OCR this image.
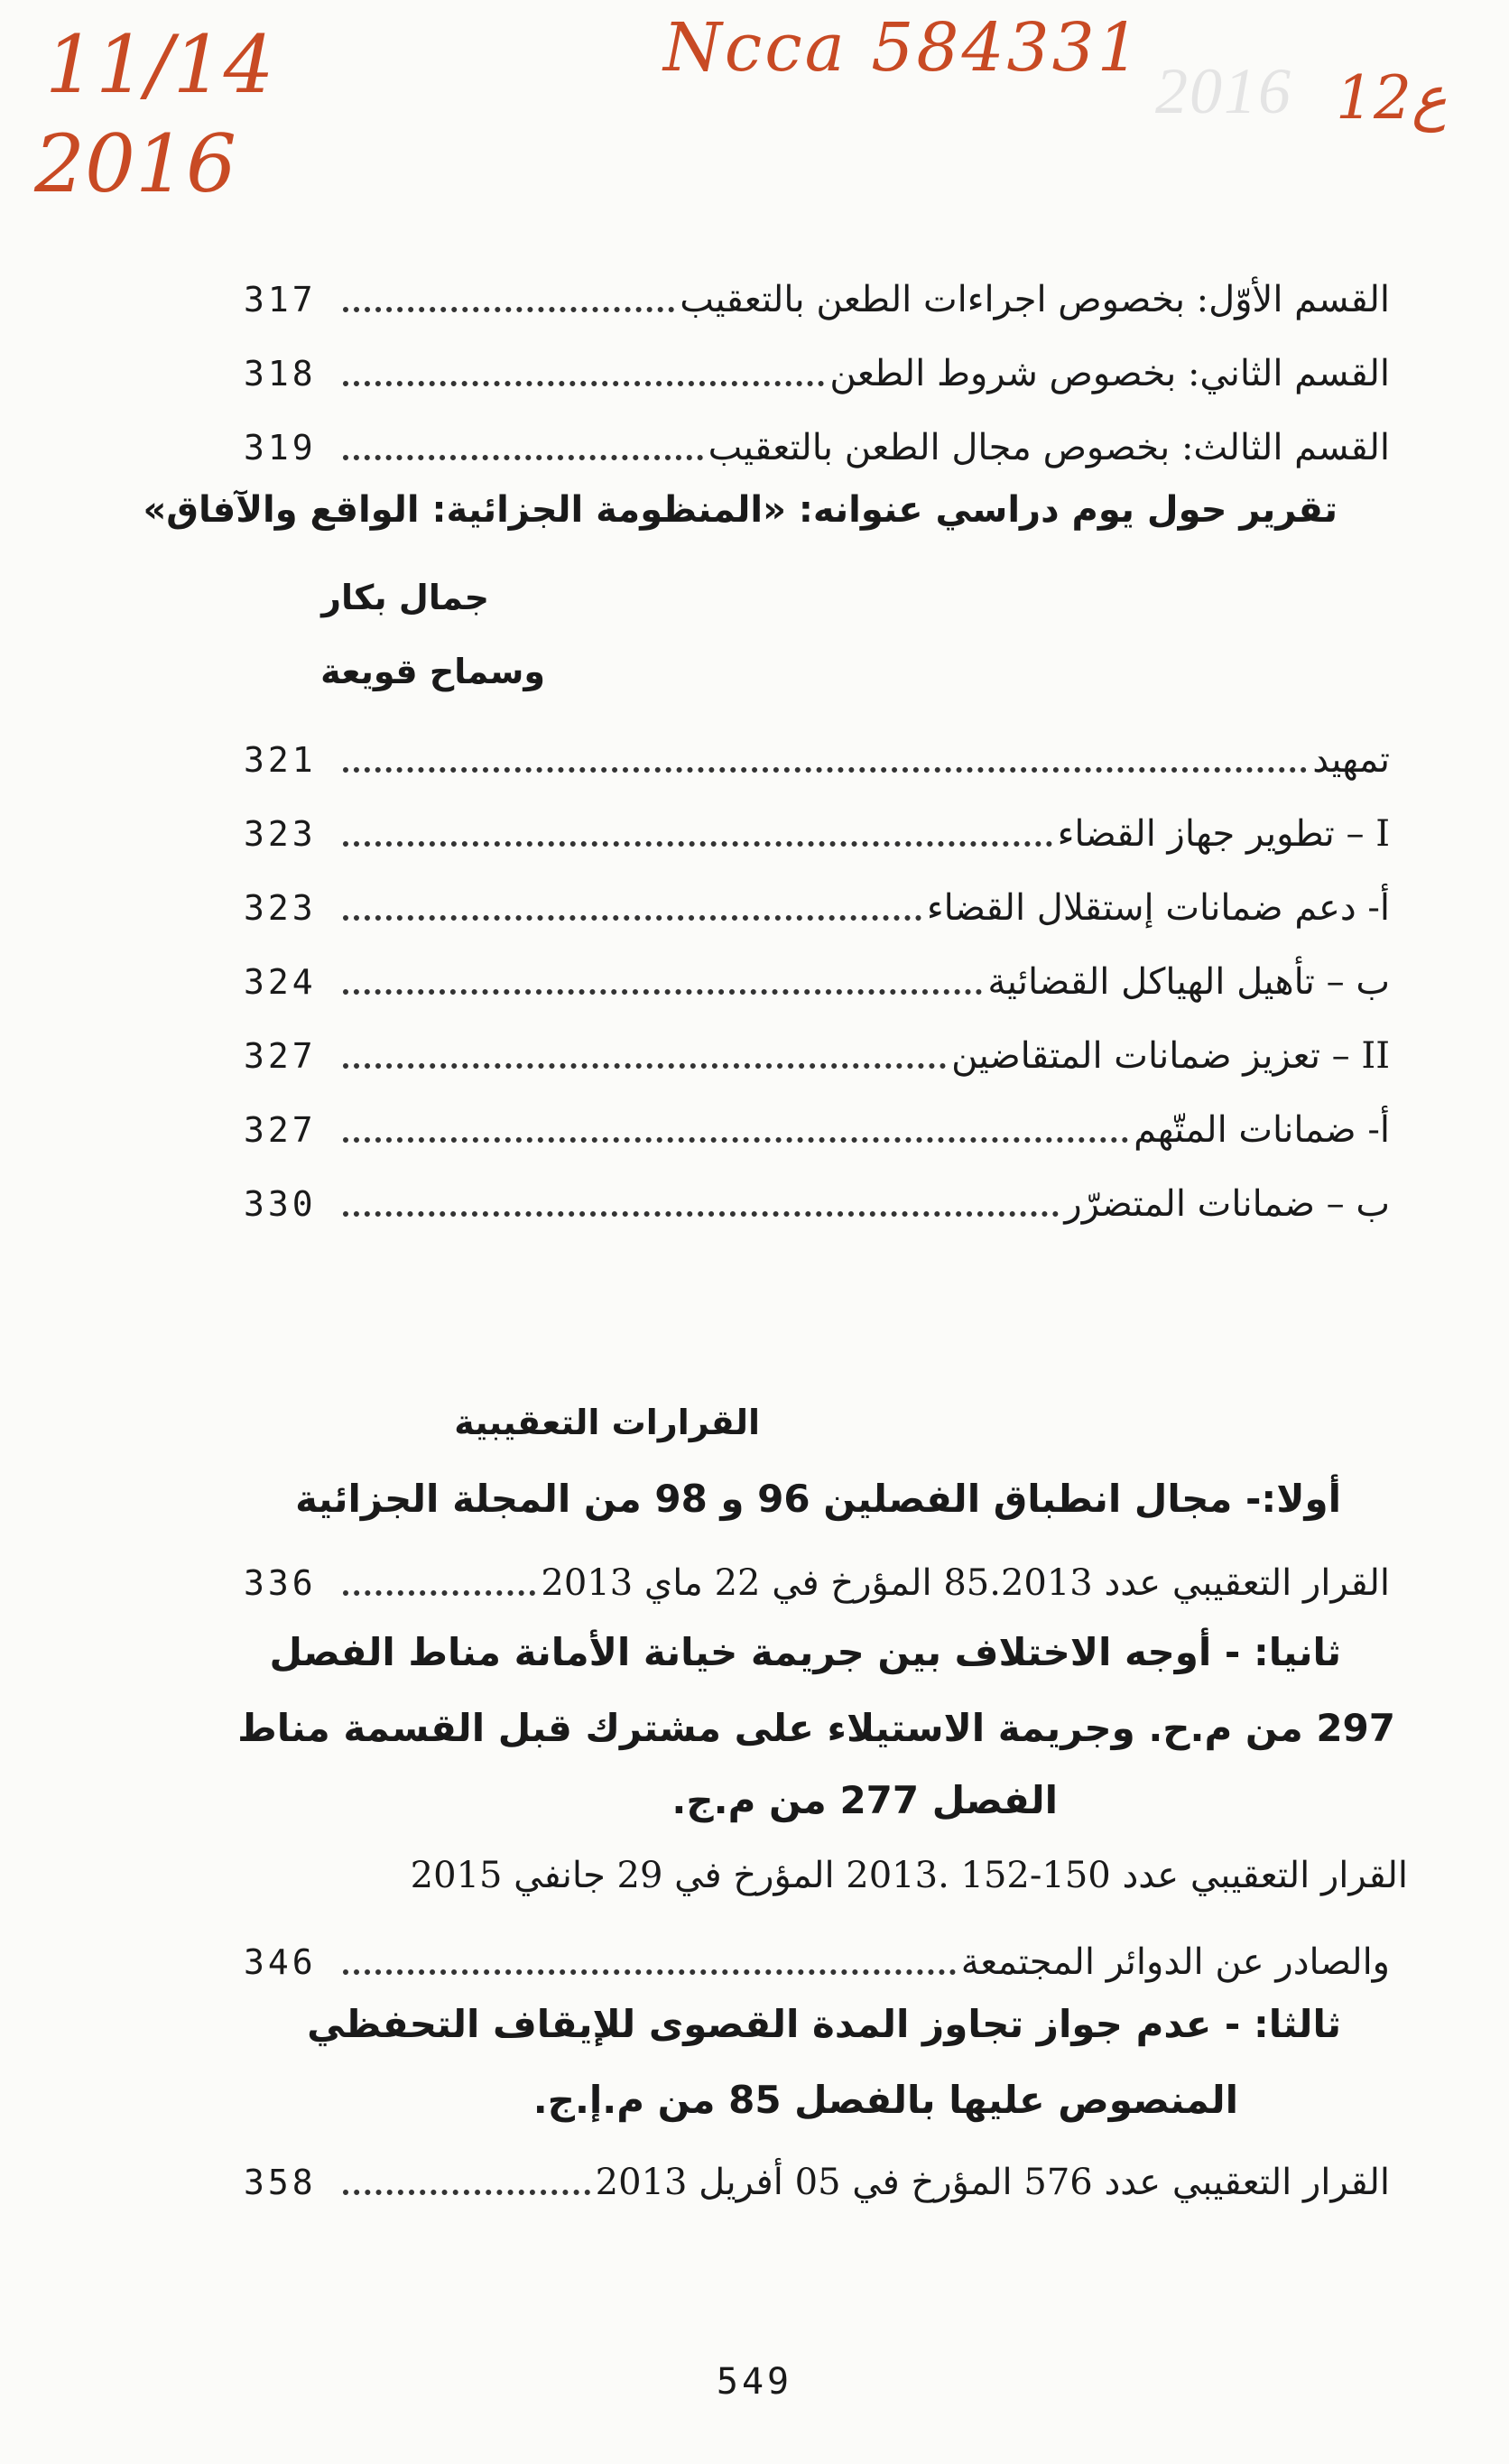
2016
11/14
2016
Ncca 584331
12ع
القسم الأوّل: بخصوص اجراءات الطعن بالتعقيب
317
القسم الثاني: بخصوص شروط الطعن
318
القسم الثالث: بخصوص مجال الطعن بالتعقيب
319
تقرير حول يوم دراسي عنوانه: «المنظومة الجزائية: الواقع والآفاق»
جمال بكار
وسماح قويعة
تمهيد
321
I – تطوير جهاز القضاء
323
أ- دعم ضمانات إستقلال القضاء
323
ب – تأهيل الهياكل القضائية
324
II – تعزيز ضمانات المتقاضين
327
أ- ضمانات المتّهم
327
ب – ضمانات المتضرّر
330
القرارات التعقيبية
أولا:- مجال انطباق الفصلين 96 و 98 من المجلة الجزائية
القرار التعقيبي عدد 85.2013 المؤرخ في 22 ماي 2013
336
ثانيا: - أوجه الاختلاف بين جريمة خيانة الأمانة مناط الفصل
297 من م.ح. وجريمة الاستيلاء على مشترك قبل القسمة مناط
الفصل 277 من م.ج.
القرار التعقيبي عدد 150-152 .2013 المؤرخ في 29 جانفي 2015
والصادر عن الدوائر المجتمعة
346
ثالثا: - عدم جواز تجاوز المدة القصوى للإيقاف التحفظي
المنصوص عليها بالفصل 85 من م.إ.ج.
القرار التعقيبي عدد 576 المؤرخ في 05 أفريل 2013
358
549
